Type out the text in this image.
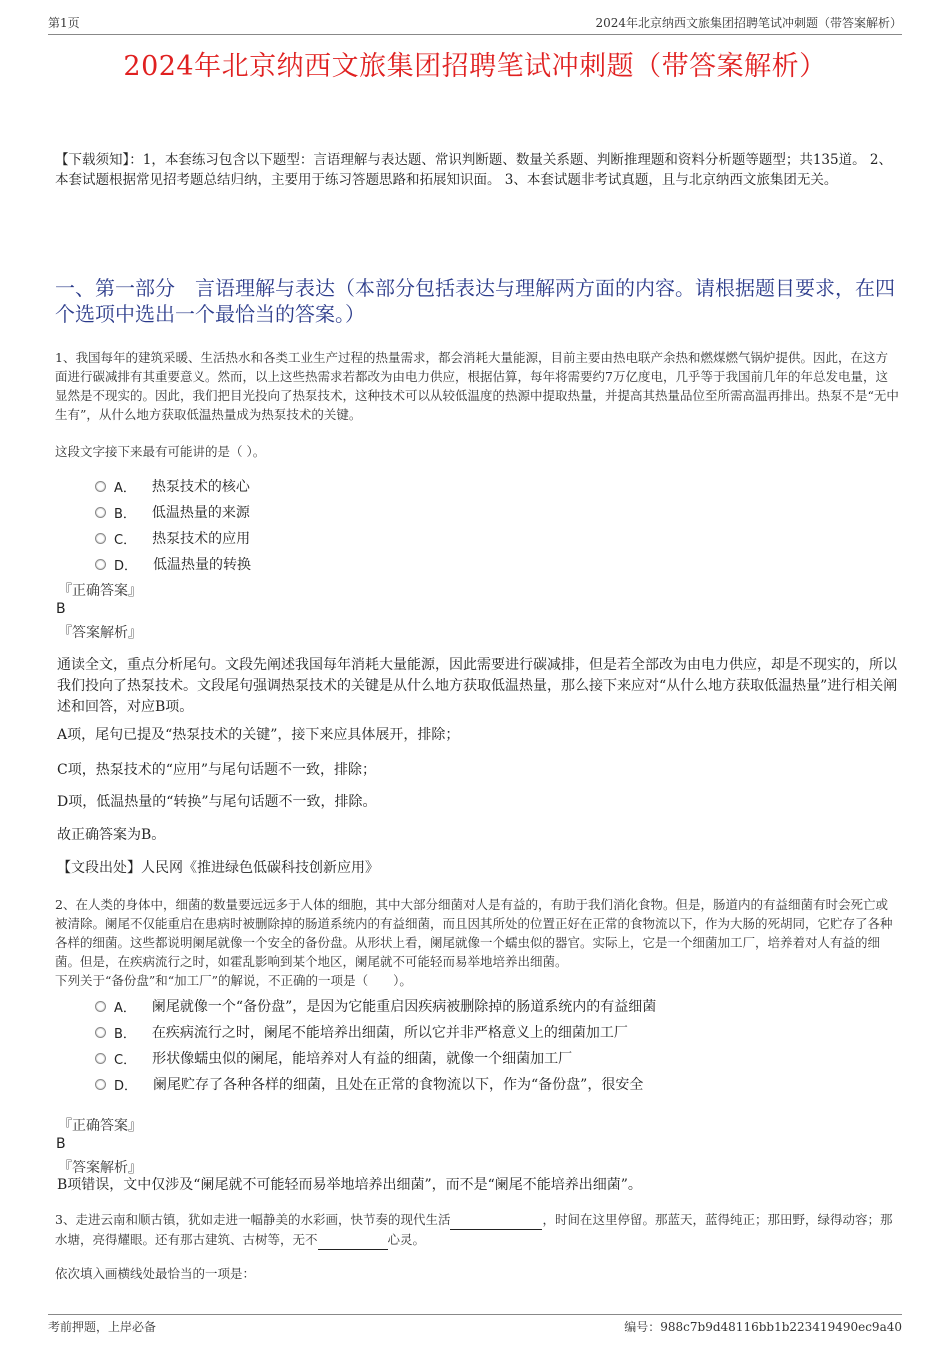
第1页	2024年北京纳西文旅集团招聘笔试冲刺题（带答案解析）
2024年北京纳西文旅集团招聘笔试冲刺题（带答案解析）
【下载须知】：1，本套练习包含以下题型：言语理解与表达题、常识判断题、数量关系题、判断推理题和资料分析题等题型；共135道。 2、本套试题根据常见招考题总结归纳，主要用于练习答题思路和拓展知识面。 3、本套试题非考试真题，且与北京纳西文旅集团无关。
一、第一部分　言语理解与表达（本部分包括表达与理解两方面的内容。请根据题目要求，在四个选项中选出一个最恰当的答案。）
1、我国每年的建筑采暖、生活热水和各类工业生产过程的热量需求，都会消耗大量能源，目前主要由热电联产余热和燃煤燃气锅炉提供。因此，在这方面进行碳减排有其重要意义。然而，以上这些热需求若都改为由电力供应，根据估算，每年将需要约7万亿度电，几乎等于我国前几年的年总发电量，这显然是不现实的。因此，我们把目光投向了热泵技术，这种技术可以从较低温度的热源中提取热量，并提高其热量品位至所需高温再排出。热泵不是“无中生有”，从什么地方获取低温热量成为热泵技术的关键。
这段文字接下来最有可能讲的是（ ）。
A． 热泵技术的核心
B． 低温热量的来源
C． 热泵技术的应用
D． 低温热量的转换
『正确答案』
B
『答案解析』
通读全文，重点分析尾句。文段先阐述我国每年消耗大量能源，因此需要进行碳减排，但是若全部改为由电力供应，却是不现实的，所以我们投向了热泵技术。文段尾句强调热泵技术的关键是从什么地方获取低温热量，那么接下来应对“从什么地方获取低温热量”进行相关阐述和回答，对应B项。
A项，尾句已提及“热泵技术的关键”，接下来应具体展开，排除；
C项，热泵技术的“应用”与尾句话题不一致，排除；
D项，低温热量的“转换”与尾句话题不一致，排除。
故正确答案为B。
【文段出处】人民网《推进绿色低碳科技创新应用》
2、在人类的身体中，细菌的数量要远远多于人体的细胞，其中大部分细菌对人是有益的，有助于我们消化食物。但是，肠道内的有益细菌有时会死亡或被清除。阑尾不仅能重启在患病时被删除掉的肠道系统内的有益细菌，而且因其所处的位置正好在正常的食物流以下，作为大肠的死胡同，它贮存了各种各样的细菌。这些都说明阑尾就像一个安全的备份盘。从形状上看，阑尾就像一个蠕虫似的器官。实际上，它是一个细菌加工厂，培养着对人有益的细菌。但是，在疾病流行之时，如霍乱影响到某个地区，阑尾就不可能轻而易举地培养出细菌。
下列关于“备份盘”和“加工厂”的解说，不正确的一项是（　　）。
A． 阑尾就像一个“备份盘”，是因为它能重启因疾病被删除掉的肠道系统内的有益细菌
B． 在疾病流行之时，阑尾不能培养出细菌，所以它并非严格意义上的细菌加工厂
C． 形状像蠕虫似的阑尾，能培养对人有益的细菌，就像一个细菌加工厂
D． 阑尾贮存了各种各样的细菌，且处在正常的食物流以下，作为“备份盘”，很安全
『正确答案』
B
『答案解析』
B项错误，文中仅涉及“阑尾就不可能轻而易举地培养出细菌”，而不是“阑尾不能培养出细菌”。
3、走进云南和顺古镇，犹如走进一幅静美的水彩画，快节奏的现代生活	，时间在这里停留。那蓝天，蓝得纯正；那田野，绿得动容；那水塘，亮得耀眼。还有那古建筑、古树等，无不	心灵。
依次填入画横线处最恰当的一项是：
考前押题，上岸必备	编号：988c7b9d48116bb1b223419490ec9a40
